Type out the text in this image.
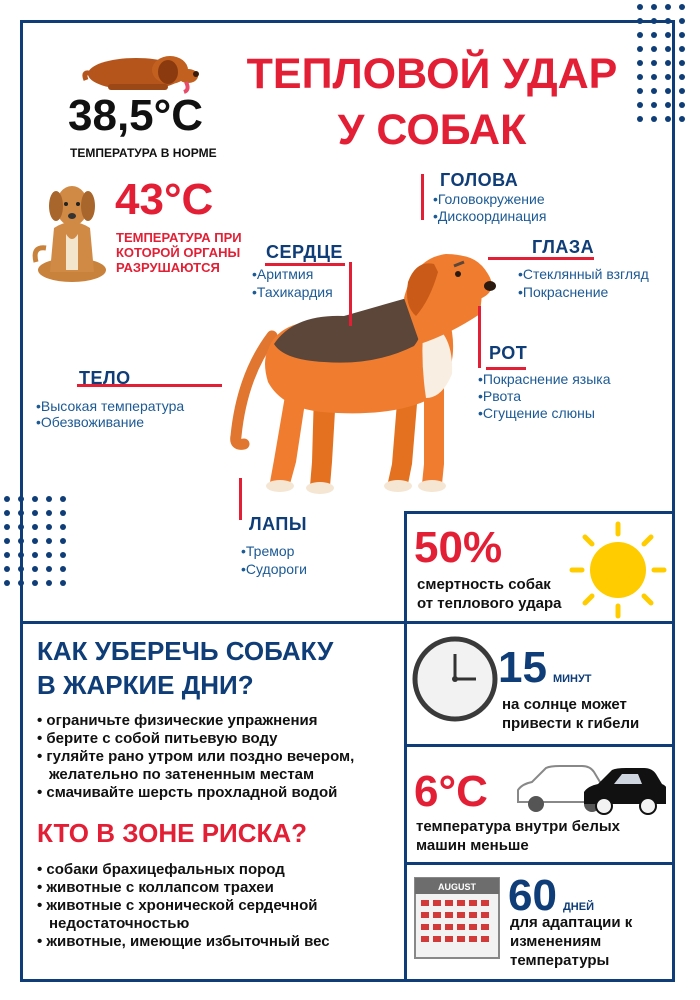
ТЕПЛОВОЙ УДАР
У СОБАК
38,5°C
ТЕМПЕРАТУРА В НОРМЕ
43°C
ТЕМПЕРАТУРА ПРИ
КОТОРОЙ ОРГАНЫ
РАЗРУШАЮТСЯ
ГОЛОВА
•Головокружение
•Дискоординация
СЕРДЦЕ
•Аритмия
•Тахикардия
ГЛАЗА
•Стеклянный взгляд
•Покраснение
РОТ
•Покраснение языка
•Рвота
•Сгущение слюны
ТЕЛО
•Высокая температура
•Обезвоживание
ЛАПЫ
•Тремор
•Судороги 50%
смертность собак
от теплового удара
15 МИНУТ
на солнце может
привести к гибели
6°C
температура внутри белых
машин меньше
AUGUST 60 ДНЕЙ
для адаптации к
изменениям
температуры
КАК УБЕРЕЧЬ СОБАКУ
В ЖАРКИЕ ДНИ?
• ограничьте физические упражнения
• берите с собой питьевую воду
• гуляйте рано утром или поздно вечером,
желательно по затененным местам
• смачивайте шерсть прохладной водой
КТО В ЗОНЕ РИСКА?
• собаки брахицефальных пород
• животные с коллапсом трахеи
• животные с хронической сердечной
недостаточностью
• животные, имеющие избыточный вес
